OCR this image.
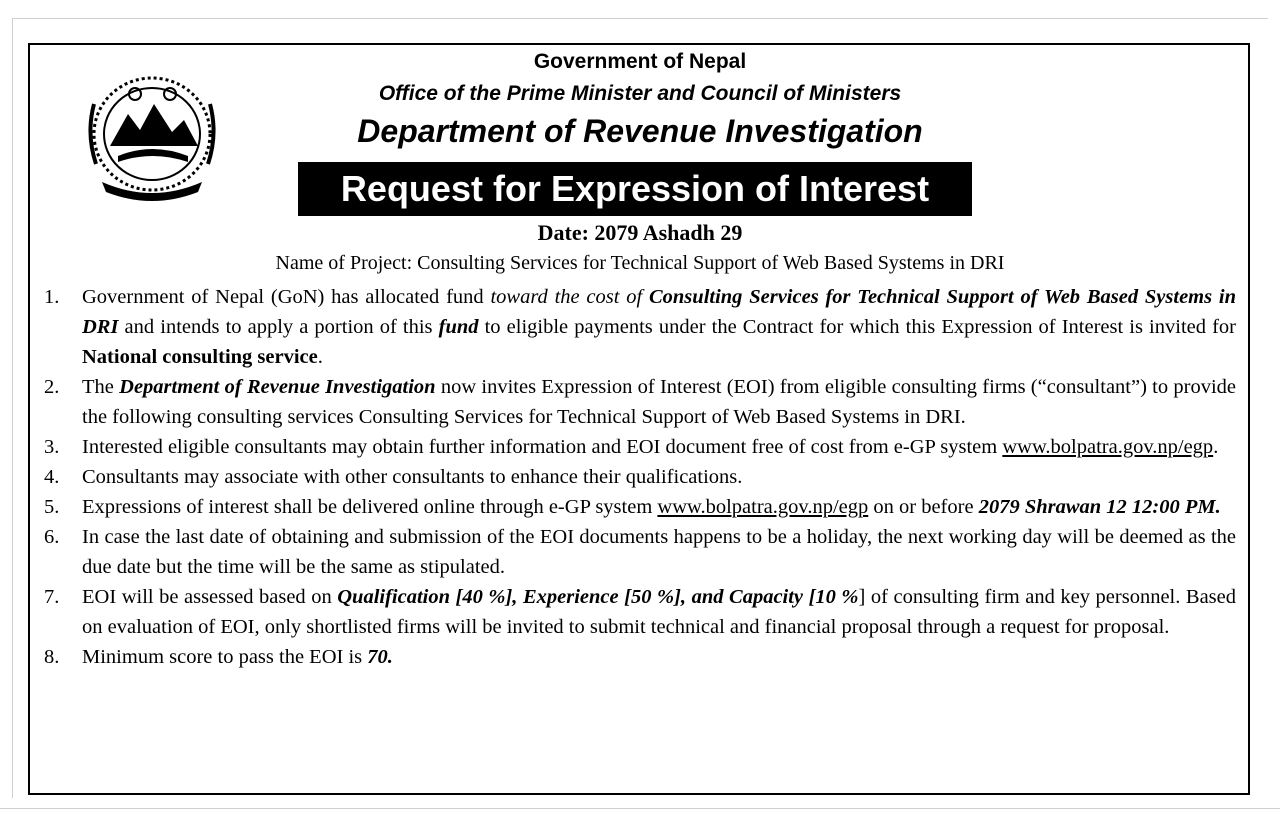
Government of Nepal
Office of the Prime Minister and Council of Ministers
Department of Revenue Investigation
Request for Expression of Interest
Date: 2079 Ashadh 29
Name of Project: Consulting Services for Technical Support of Web Based Systems in DRI
1. Government of Nepal (GoN) has allocated fund toward the cost of Consulting Services for Technical Support of Web Based Systems in DRI and intends to apply a portion of this fund to eligible payments under the Contract for which this Expression of Interest is invited for National consulting service.
2. The Department of Revenue Investigation now invites Expression of Interest (EOI) from eligible consulting firms (“consultant”) to provide the following consulting services Consulting Services for Technical Support of Web Based Systems in DRI.
3. Interested eligible consultants may obtain further information and EOI document free of cost from e-GP system www.bolpatra.gov.np/egp.
4. Consultants may associate with other consultants to enhance their qualifications.
5. Expressions of interest shall be delivered online through e-GP system www.bolpatra.gov.np/egp on or before 2079 Shrawan 12 12:00 PM.
6. In case the last date of obtaining and submission of the EOI documents happens to be a holiday, the next working day will be deemed as the due date but the time will be the same as stipulated.
7. EOI will be assessed based on Qualification [40 %], Experience [50 %], and Capacity [10 %] of consulting firm and key personnel. Based on evaluation of EOI, only shortlisted firms will be invited to submit technical and financial proposal through a request for proposal.
8. Minimum score to pass the EOI is 70.
